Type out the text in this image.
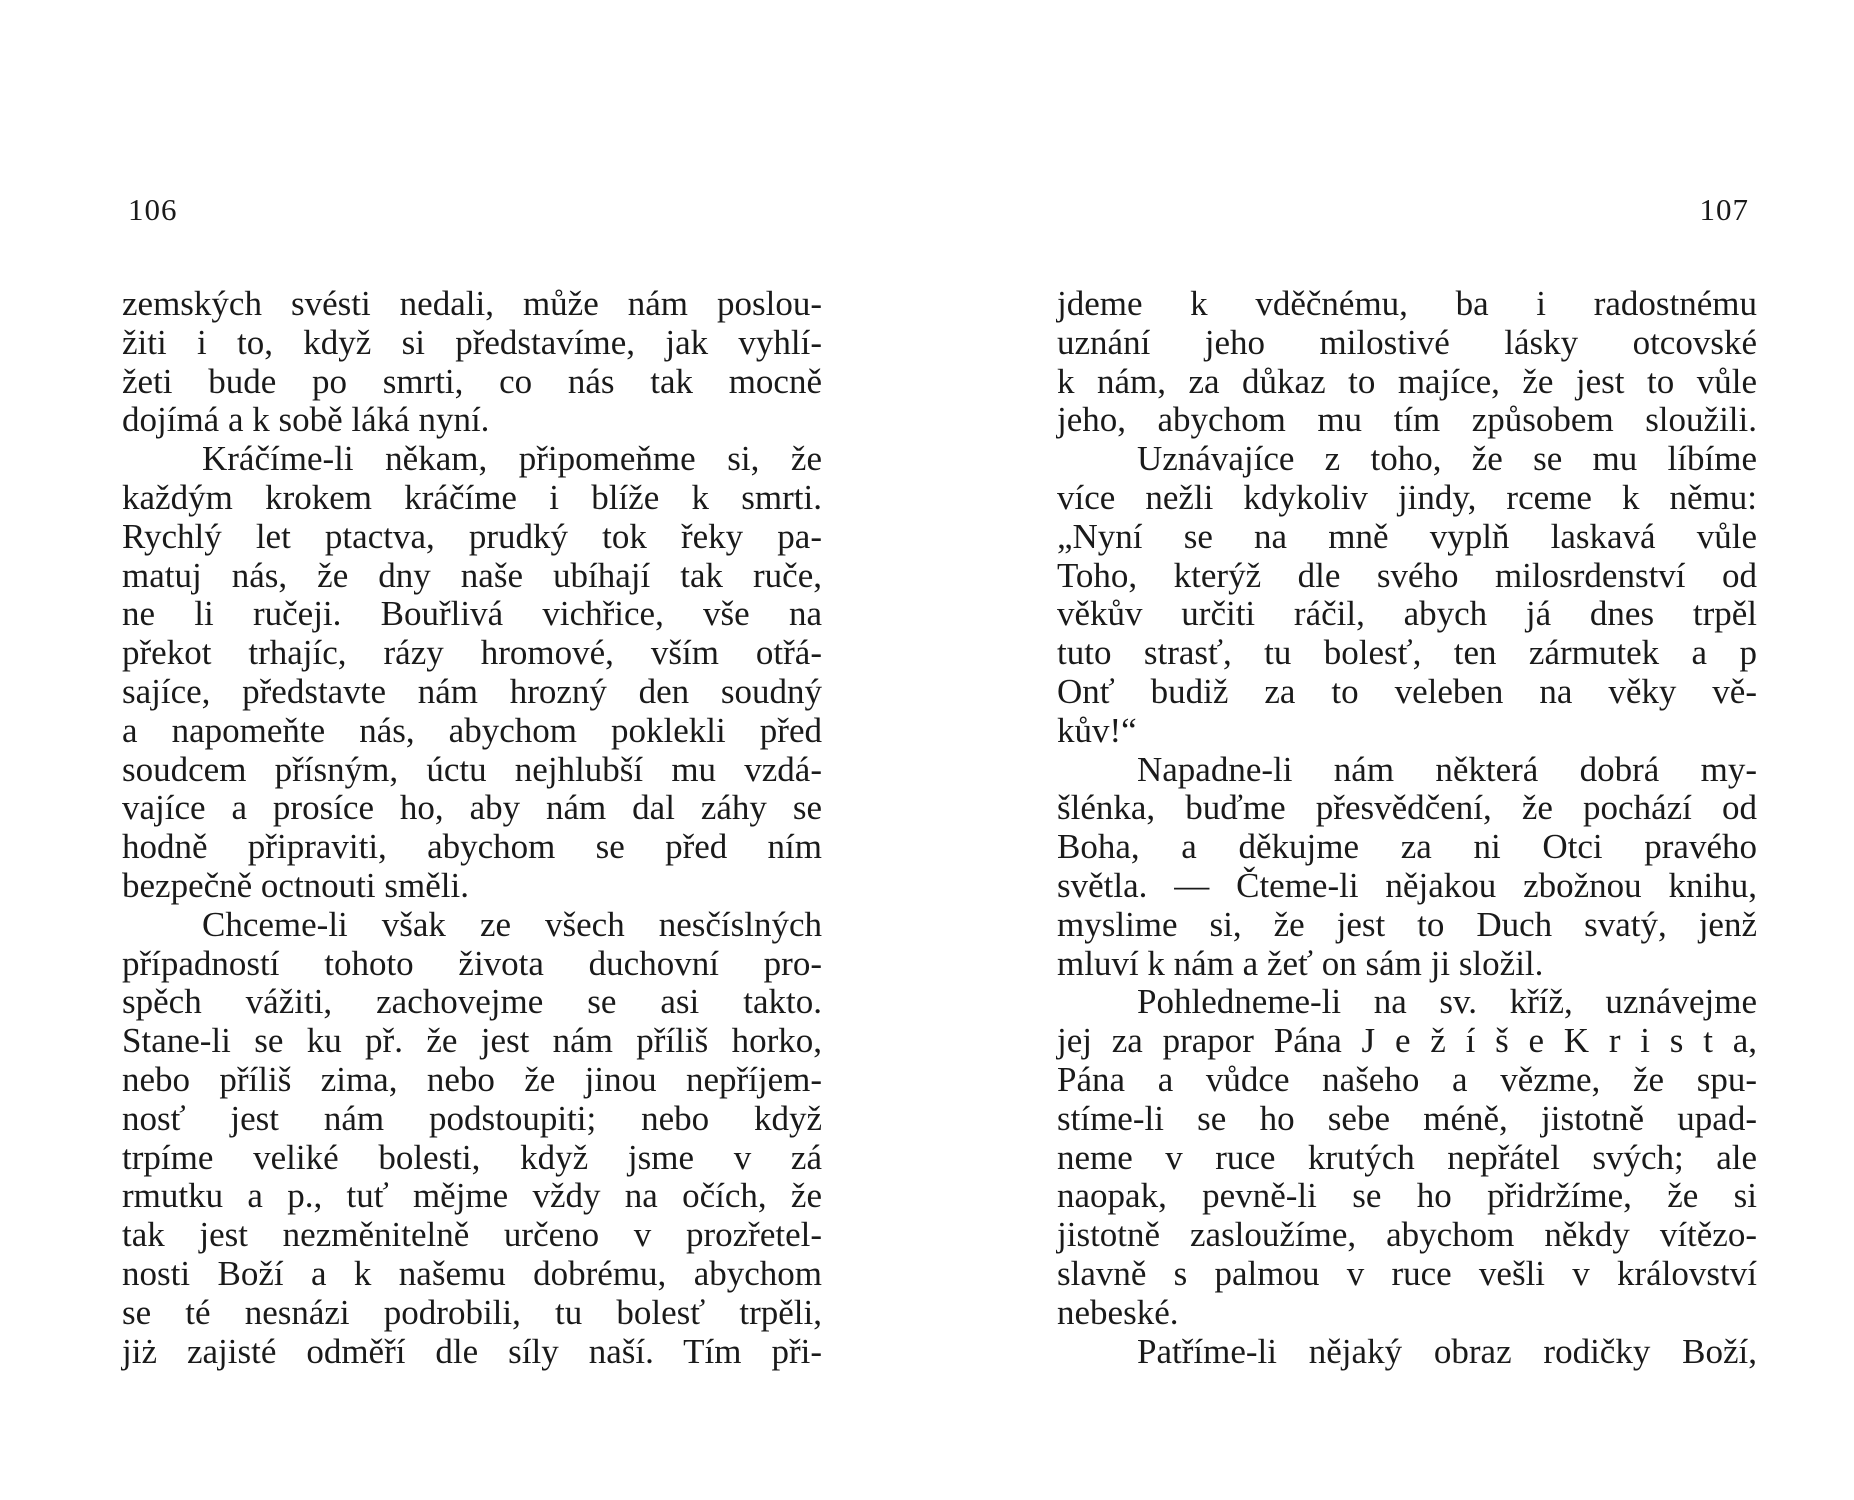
106
zemských svésti nedali, může nám poslou-
žiti i to, když si představíme, jak vyhlí-
žeti bude po smrti, co nás tak mocně
dojímá a k sobě láká nyní.
Kráčíme-li někam, připomeňme si, že
každým krokem kráčíme i blíže k smrti.
Rychlý let ptactva, prudký tok řeky pa-
matuj nás, že dny naše ubíhají tak ruče,
ne li ručeji. Bouřlivá vichřice, vše na
překot trhajíc, rázy hromové, vším otřá-
sajíce, představte nám hrozný den soudný
a napomeňte nás, abychom poklekli před
soudcem přísným, úctu nejhlubší mu vzdá-
vajíce a prosíce ho, aby nám dal záhy se
hodně připraviti, abychom se před ním
bezpečně octnouti směli.
Chceme-li však ze všech nesčíslných
případností tohoto života duchovní pro-
spěch vážiti, zachovejme se asi takto.
Stane-li se ku př. že jest nám příliš horko,
nebo příliš zima, nebo že jinou nepříjem-
nosť jest nám podstoupiti; nebo když
trpíme veliké bolesti, když jsme v zá
rmutku a p., tuť mějme vždy na očích, že
tak jest nezměnitelně určeno v prozřetel-
nosti Boží a k našemu dobrému, abychom
se té nesnázi podrobili, tu bolesť trpěli,
jiż zajisté odměří dle síly naší. Tím při-
107
jdeme k vděčnému, ba i radostnému
uznání jeho milostivé lásky otcovské
k nám, za důkaz to majíce, že jest to vůle
jeho, abychom mu tím způsobem sloužili.
Uznávajíce z toho, že se mu líbíme
více nežli kdykoliv jindy, rceme k němu:
„Nyní se na mně vyplň laskavá vůle
Toho, kterýž dle svého milosrdenství od
věkův určiti ráčil, abych já dnes trpěl
tuto strasť, tu bolesť, ten zármutek a p
Onť budiž za to veleben na věky vě-
kův!“
Napadne-li nám některá dobrá my-
šlénka, buďme přesvědčení, že pochází od
Boha, a děkujme za ni Otci pravého
světla. — Čteme-li nějakou zbožnou knihu,
myslime si, že jest to Duch svatý, jenž
mluví k nám a žeť on sám ji složil.
Pohledneme-li na sv. kříž, uznávejme
jej za prapor Pána J e ž í š e K r i s t a,
Pána a vůdce našeho a vězme, že spu-
stíme-li se ho sebe méně, jistotně upad-
neme v ruce krutých nepřátel svých; ale
naopak, pevně-li se ho přidržíme, že si
jistotně zasloužíme, abychom někdy vítězo-
slavně s palmou v ruce vešli v království
nebeské.
Patříme-li nějaký obraz rodičky Boží,
